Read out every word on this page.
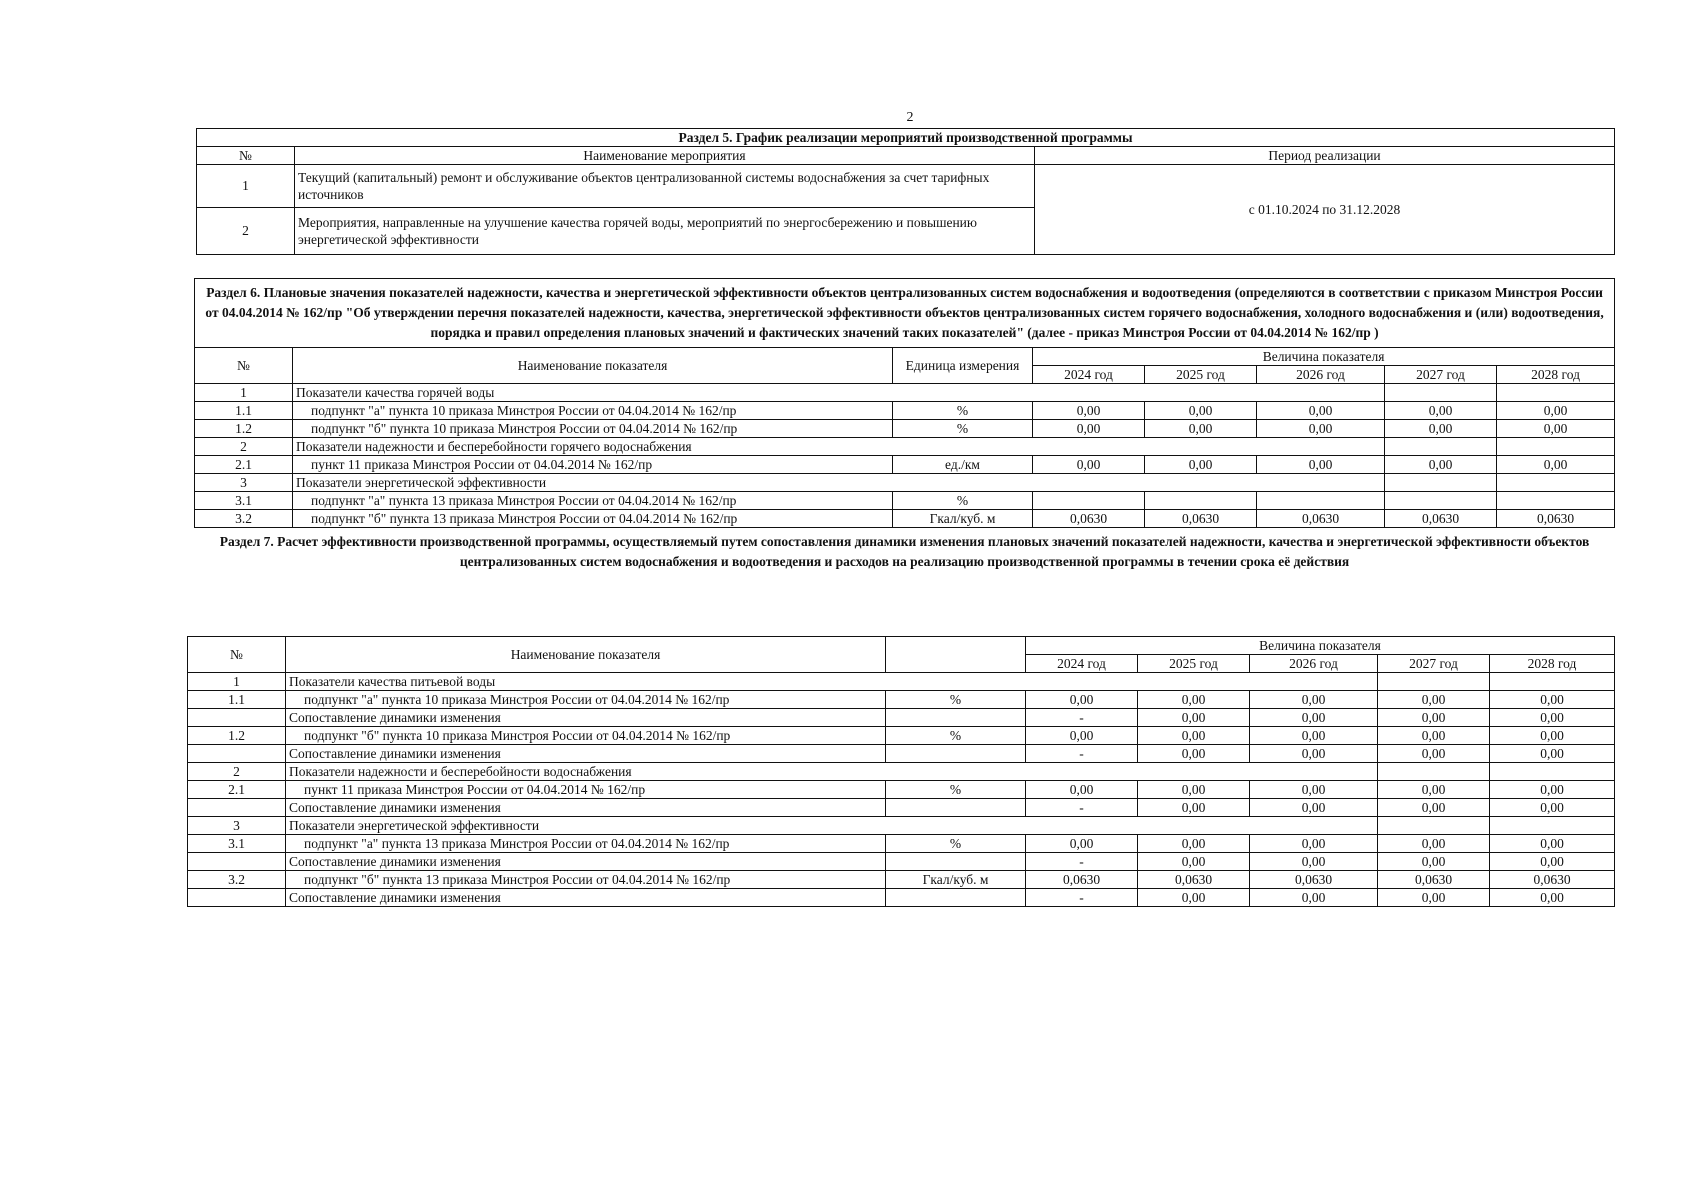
2
Раздел 5. График реализации мероприятий производственной программы		
№	Наименование мероприятия	Период реализации
1	Текущий (капитальный) ремонт и обслуживание объектов централизованной системы водоснабжения за счет тарифных источников	с 01.10.2024 по 31.12.2028
2	Мероприятия, направленные на улучшение качества горячей воды, мероприятий по энергосбережению и повышению энергетической эффективности	
Раздел 6. Плановые значения показателей надежности, качества и энергетической эффективности объектов централизованных систем водоснабжения и водоотведения (определяются в соответствии с приказом Минстроя России от 04.04.2014 № 162/пр "Об утверждении перечня показателей надежности, качества, энергетической эффективности объектов централизованных систем горячего водоснабжения, холодного водоснабжения и (или) водоотведения, порядка и правил определения плановых значений и фактических значений таких показателей" (далее - приказ Минстроя России от 04.04.2014 № 162/пр )							
№	Наименование показателя	Единица измерения	Величина показателя				
			2024 год	2025 год	2026 год	2027 год	2028 год
1	Показатели качества горячей воды						
1.1	подпункт "а" пункта 10 приказа Минстроя России от 04.04.2014 № 162/пр	%	0,00	0,00	0,00	0,00	0,00
1.2	подпункт "б" пункта 10 приказа Минстроя России от 04.04.2014 № 162/пр	%	0,00	0,00	0,00	0,00	0,00
2	Показатели надежности и бесперебойности горячего водоснабжения						
2.1	пункт 11 приказа Минстроя России от 04.04.2014 № 162/пр	ед./км	0,00	0,00	0,00	0,00	0,00
3	Показатели энергетической эффективности						
3.1	подпункт "а" пункта 13 приказа Минстроя России от 04.04.2014 № 162/пр	%					
3.2	подпункт "б" пункта 13 приказа Минстроя России от 04.04.2014 № 162/пр	Гкал/куб. м	0,0630	0,0630	0,0630	0,0630	0,0630
Раздел 7. Расчет эффективности производственной программы, осуществляемый путем сопоставления динамики изменения плановых значений показателей надежности, качества и энергетической эффективности объектов централизованных систем водоснабжения и водоотведения и расходов на реализацию производственной программы в течении срока её действия							
№	Наименование показателя		Величина показателя				
			2024 год	2025 год	2026 год	2027 год	2028 год
1	Показатели качества питьевой воды						
1.1	подпункт "а" пункта 10 приказа Минстроя России от 04.04.2014 № 162/пр	%	0,00	0,00	0,00	0,00	0,00
	Сопоставление динамики изменения		-	0,00	0,00	0,00	0,00
1.2	подпункт "б" пункта 10 приказа Минстроя России от 04.04.2014 № 162/пр	%	0,00	0,00	0,00	0,00	0,00
	Сопоставление динамики изменения		-	0,00	0,00	0,00	0,00
2	Показатели надежности и бесперебойности водоснабжения						
2.1	пункт 11 приказа Минстроя России от 04.04.2014 № 162/пр	%	0,00	0,00	0,00	0,00	0,00
	Сопоставление динамики изменения		-	0,00	0,00	0,00	0,00
3	Показатели энергетической эффективности						
3.1	подпункт "а" пункта 13 приказа Минстроя России от 04.04.2014 № 162/пр	%	0,00	0,00	0,00	0,00	0,00
	Сопоставление динамики изменения		-	0,00	0,00	0,00	0,00
3.2	подпункт "б" пункта 13 приказа Минстроя России от 04.04.2014 № 162/пр	Гкал/куб. м	0,0630	0,0630	0,0630	0,0630	0,0630
	Сопоставление динамики изменения		-	0,00	0,00	0,00	0,00
